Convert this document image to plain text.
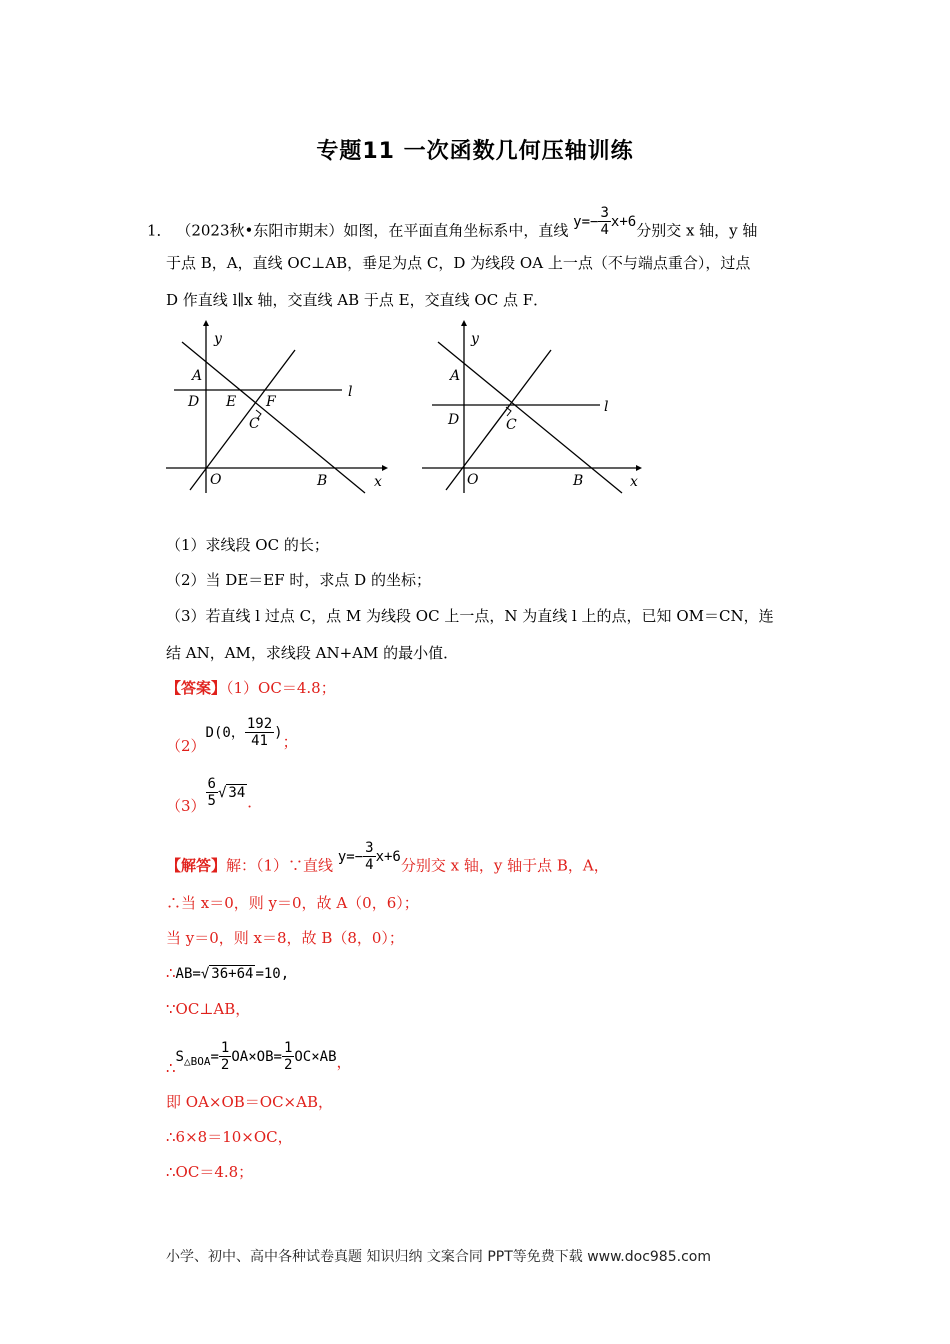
专题11 一次函数几何压轴训练
1． （2023秋•东阳市期末）如图，在平面直角坐标系中，直线 $y=- \frac{3}{4} x+6$分别交 x 轴，y 轴
于点 B，A，直线 OC⊥AB，垂足为点 C，D 为线段 OA 上一点（不与端点重合），过点
D 作直线 l∥x 轴，交直线 AB 于点 E，交直线 OC 点 F．
A
D E F
C
O	B	x
y
l
A
D	C
O	B	x
y
l
（1）求线段 OC 的长；
（2）当 DE＝EF 时，求点 D 的坐标；
（3）若直线 l 过点 C，点 M 为线段 OC 上一点，N 为直线 l 上的点，已知 OM＝CN，连
结 AN，AM，求线段 AN+AM 的最小值．
【答案】（1）OC＝4.8；
（2）D(0， $\frac{192}{41}$ )；
$(3) \frac{6}{5}$ √ 34 ．
【解答】解：（1）∵直线 $y=- \frac{3}{4} x+6$分别交 x 轴，y 轴于点 B，A，
∴当 x＝0，则 y＝0，故 A（0，6）；
当 y＝0，则 x＝8，故 B（8，0）；
∴AB=√ 36+64 =10,
∵OC⊥AB，
$\therefore S_{\triangle BOA}= \frac{1}{2} OA\times OB= \frac{1}{2} OC\times AB$，
即 OA×OB＝OC×AB，
∴6×8＝10×OC，
∴OC＝4.8；
小学、初中、高中各种试卷真题 知识归纳 文案合同 PPT等免费下载 www.doc985.com
